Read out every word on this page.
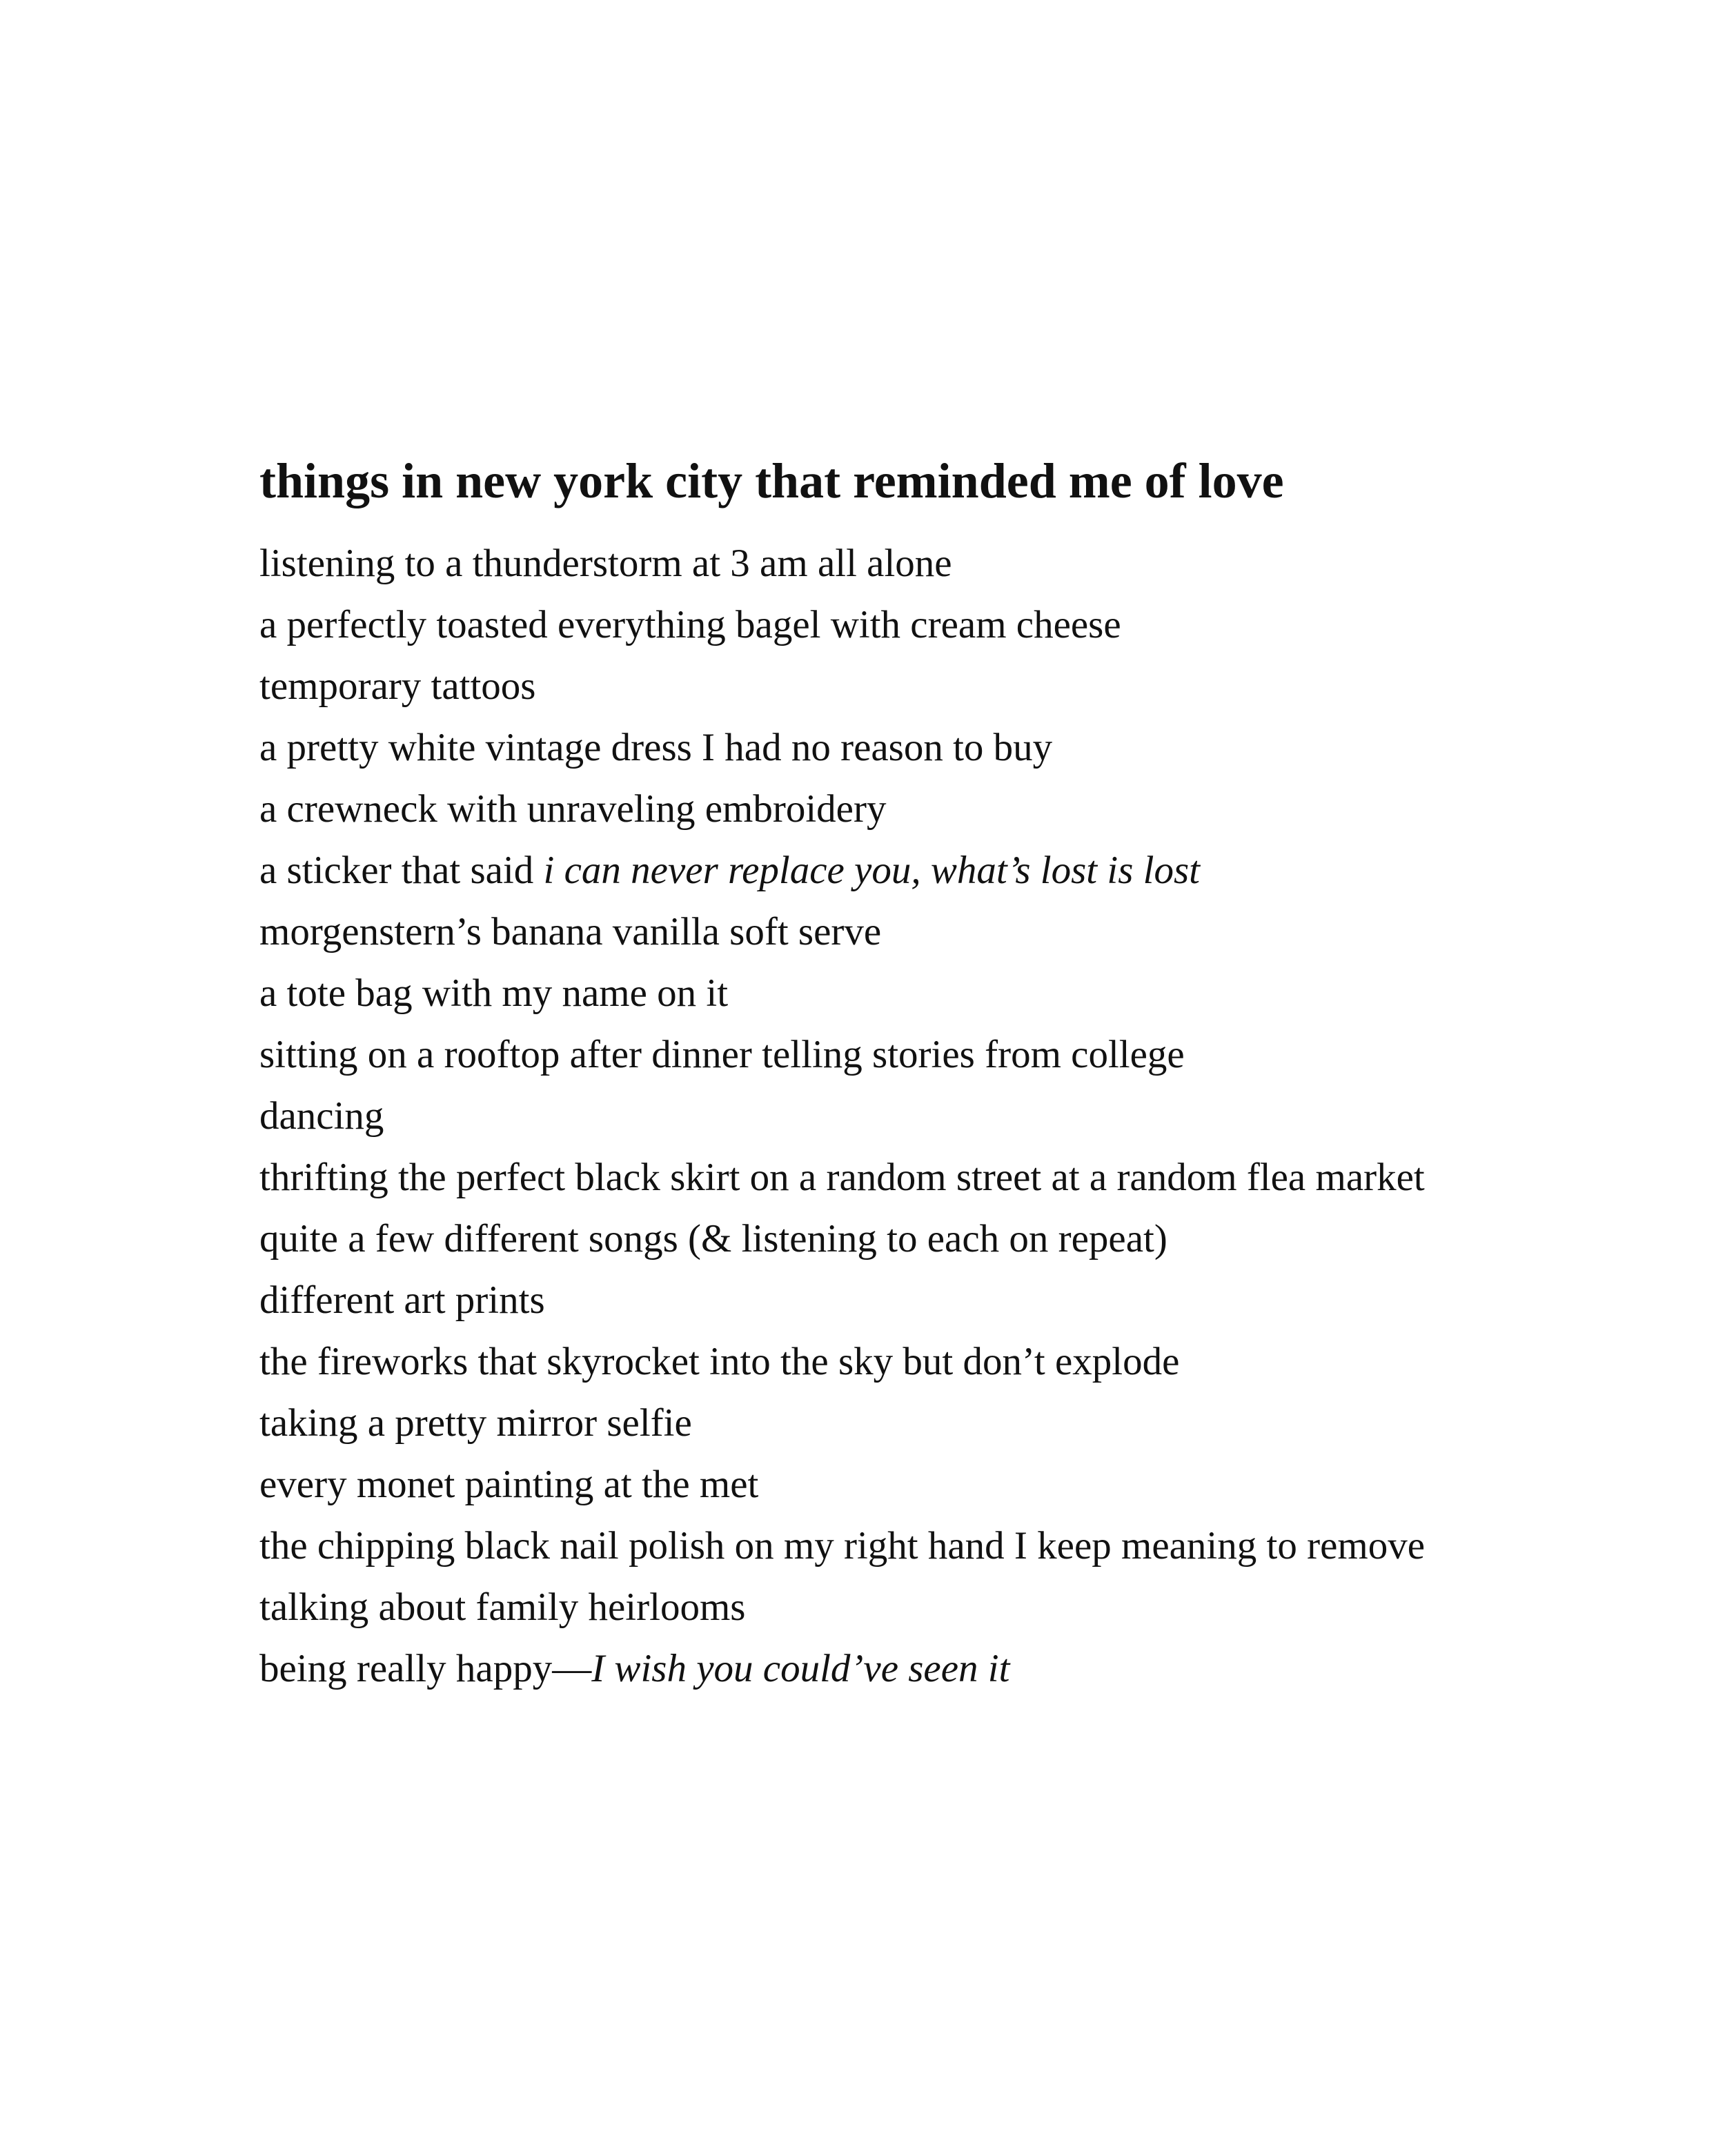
things in new york city that reminded me of love
listening to a thunderstorm at 3 am all alone
a perfectly toasted everything bagel with cream cheese
temporary tattoos
a pretty white vintage dress I had no reason to buy
a crewneck with unraveling embroidery
a sticker that said i can never replace you, what’s lost is lost
morgenstern’s banana vanilla soft serve
a tote bag with my name on it
sitting on a rooftop after dinner telling stories from college
dancing
thrifting the perfect black skirt on a random street at a random flea market
quite a few different songs (& listening to each on repeat)
different art prints
the fireworks that skyrocket into the sky but don’t explode
taking a pretty mirror selfie
every monet painting at the met
the chipping black nail polish on my right hand I keep meaning to remove
talking about family heirlooms
being really happy—I wish you could’ve seen it
